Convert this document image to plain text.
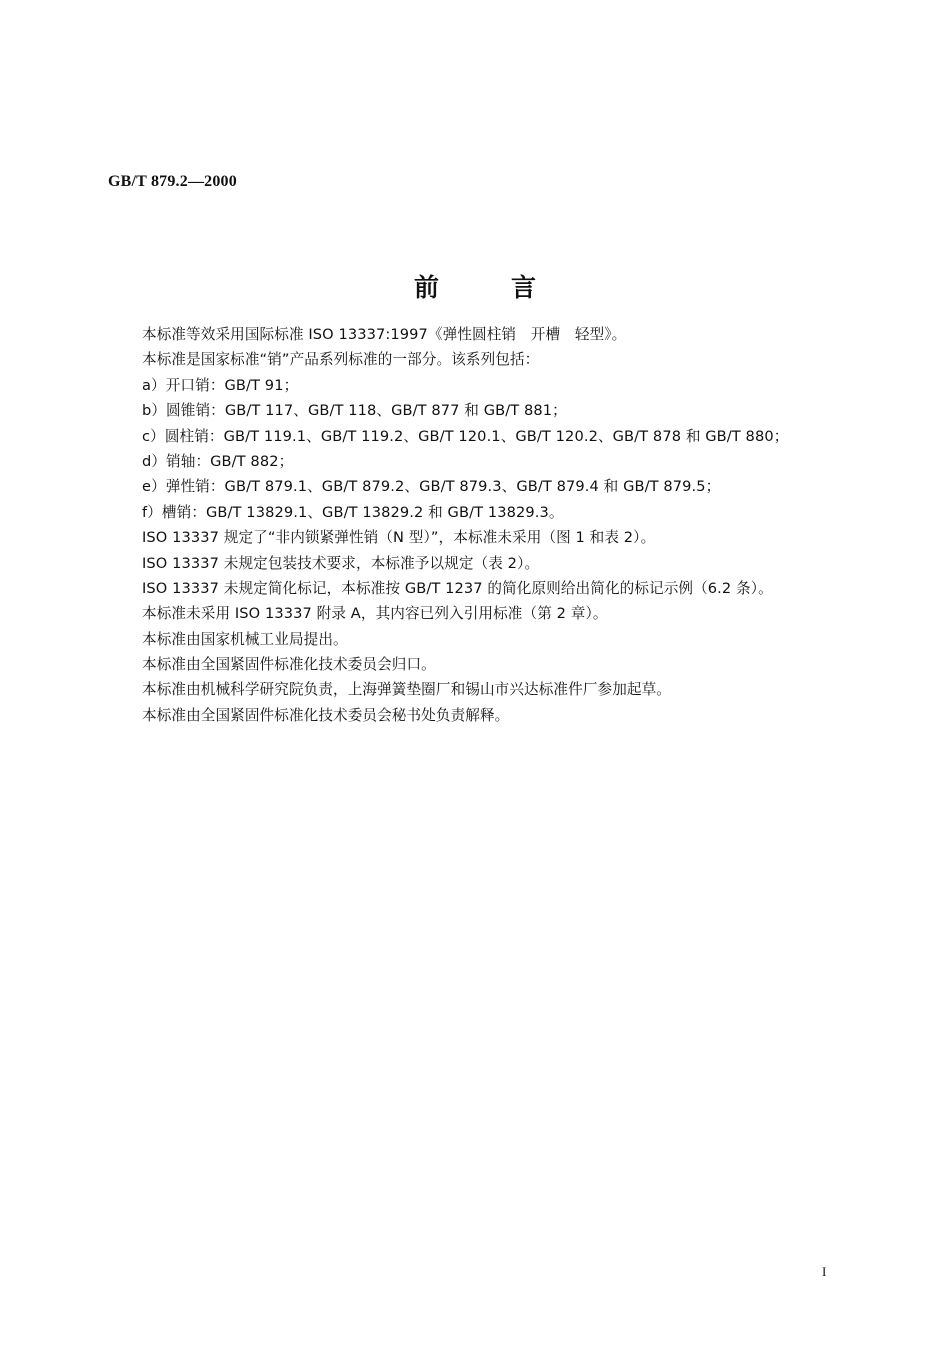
GB/T 879.2—2000
前	言
本标准等效采用国际标准 ISO 13337:1997《弹性圆柱销　开槽　轻型》。
本标准是国家标准“销”产品系列标准的一部分。该系列包括：
a）开口销：GB/T 91；
b）圆锥销：GB/T 117、GB/T 118、GB/T 877 和 GB/T 881；
c）圆柱销：GB/T 119.1、GB/T 119.2、GB/T 120.1、GB/T 120.2、GB/T 878 和 GB/T 880；
d）销轴：GB/T 882；
e）弹性销：GB/T 879.1、GB/T 879.2、GB/T 879.3、GB/T 879.4 和 GB/T 879.5；
f）槽销：GB/T 13829.1、GB/T 13829.2 和 GB/T 13829.3。
ISO 13337 规定了“非内锁紧弹性销（N 型）”，本标准未采用（图 1 和表 2）。
ISO 13337 未规定包装技术要求，本标准予以规定（表 2）。
ISO 13337 未规定简化标记，本标准按 GB/T 1237 的简化原则给出简化的标记示例（6.2 条）。
本标准未采用 ISO 13337 附录 A，其内容已列入引用标准（第 2 章）。
本标准由国家机械工业局提出。
本标准由全国紧固件标准化技术委员会归口。
本标准由机械科学研究院负责，上海弹簧垫圈厂和锡山市兴达标准件厂参加起草。
本标准由全国紧固件标准化技术委员会秘书处负责解释。
I
